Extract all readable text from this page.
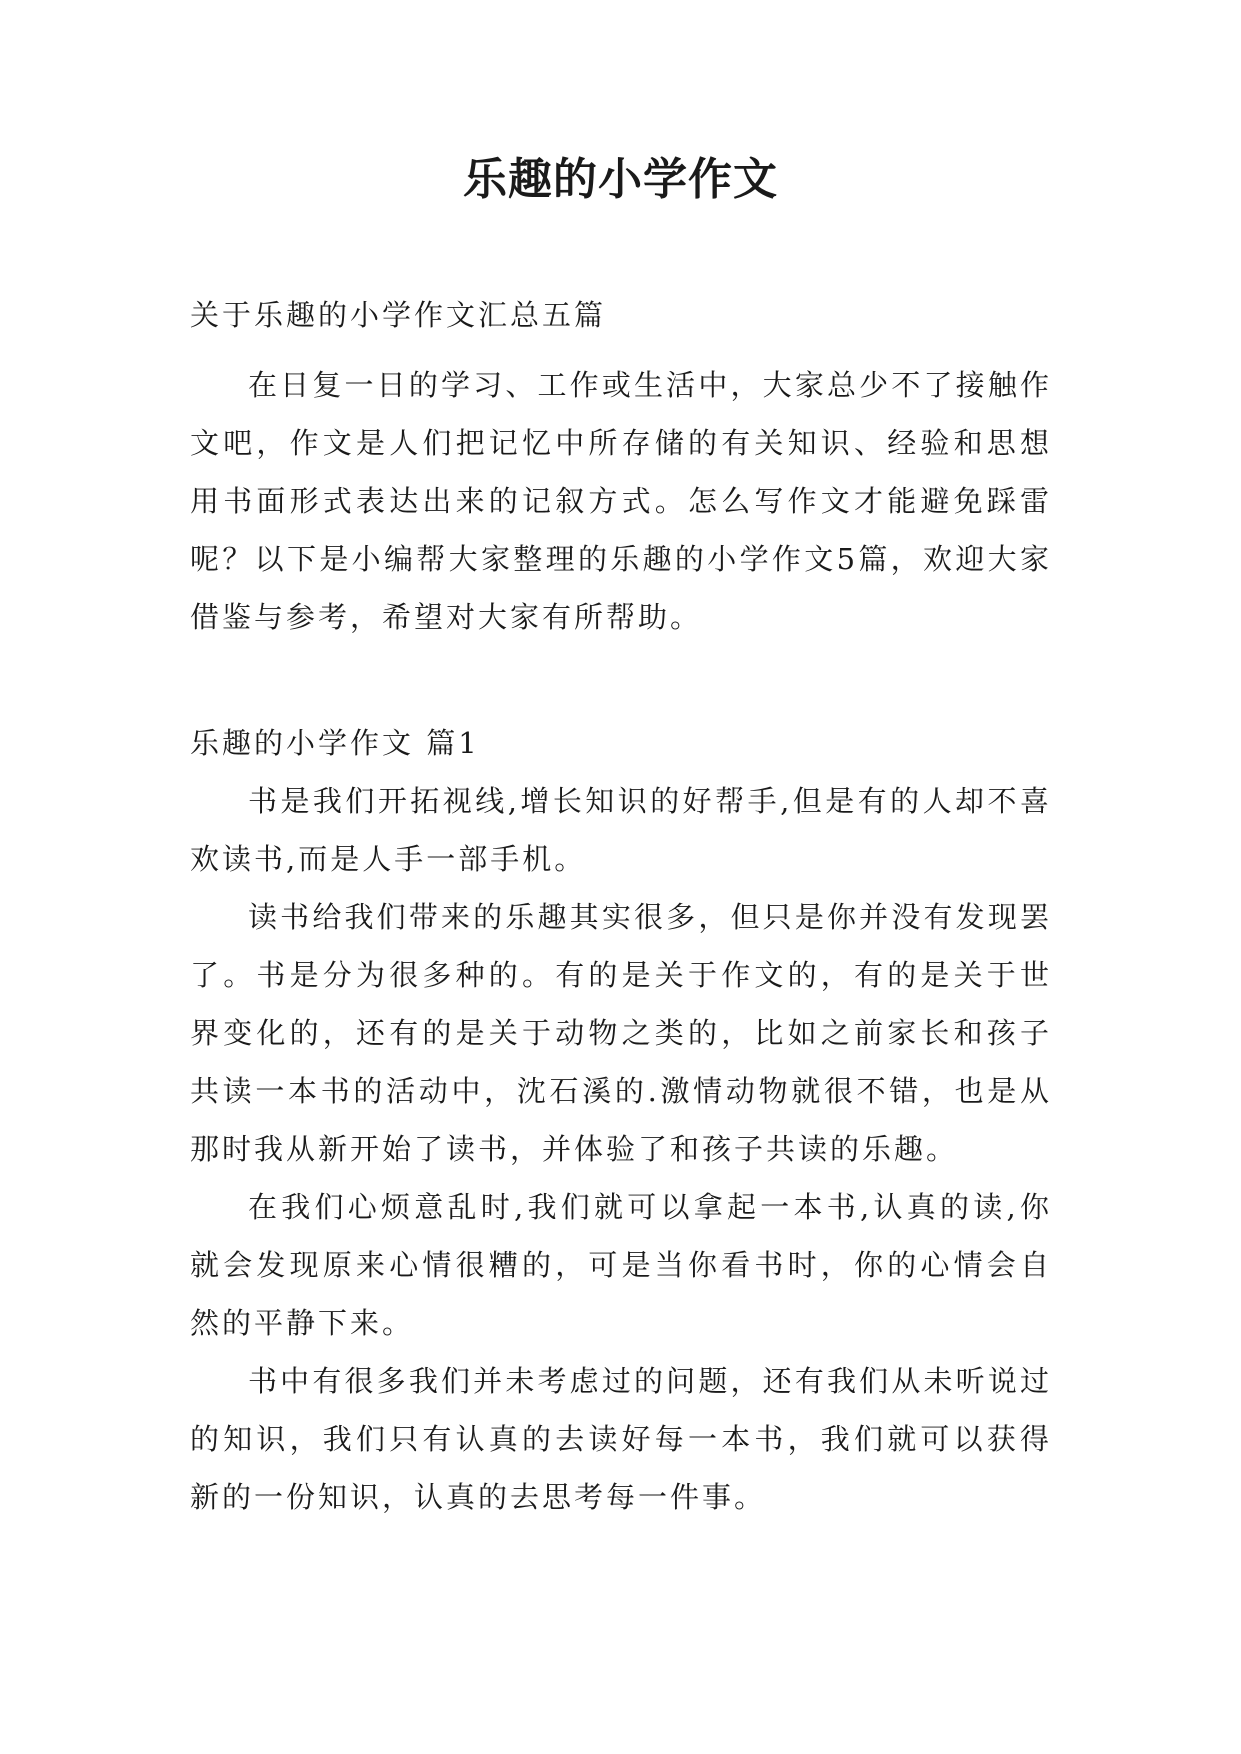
乐趣的小学作文

关于乐趣的小学作文汇总五篇

在日复一日的学习、工作或生活中，大家总少不了接触作文吧，作文是人们把记忆中所存储的有关知识、经验和思想用书面形式表达出来的记叙方式。怎么写作文才能避免踩雷呢？以下是小编帮大家整理的乐趣的小学作文5篇，欢迎大家借鉴与参考，希望对大家有所帮助。

乐趣的小学作文 篇1

书是我们开拓视线,增长知识的好帮手,但是有的人却不喜欢读书,而是人手一部手机。

读书给我们带来的乐趣其实很多，但只是你并没有发现罢了。书是分为很多种的。有的是关于作文的，有的是关于世界变化的，还有的是关于动物之类的，比如之前家长和孩子共读一本书的活动中，沈石溪的.激情动物就很不错，也是从那时我从新开始了读书，并体验了和孩子共读的乐趣。

在我们心烦意乱时,我们就可以拿起一本书,认真的读,你就会发现原来心情很糟的，可是当你看书时，你的心情会自然的平静下来。

书中有很多我们并未考虑过的问题，还有我们从未听说过的知识，我们只有认真的去读好每一本书，我们就可以获得新的一份知识，认真的去思考每一件事。
